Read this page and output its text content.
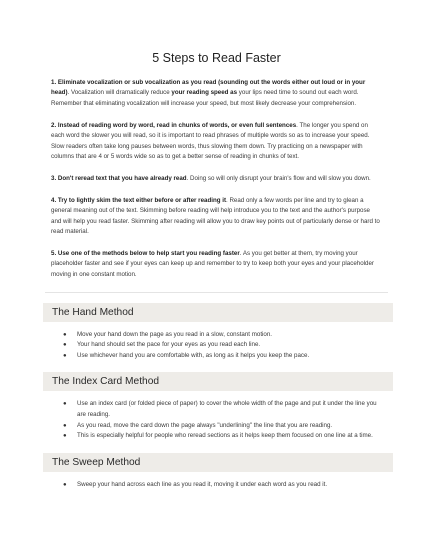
5 Steps to Read Faster

1. Eliminate vocalization or sub vocalization as you read (sounding out the words either out loud or in your head). Vocalization will dramatically reduce your reading speed as your lips need time to sound out each word. Remember that eliminating vocalization will increase your speed, but most likely decrease your comprehension.

2. Instead of reading word by word, read in chunks of words, or even full sentences. The longer you spend on each word the slower you will read, so it is important to read phrases of multiple words so as to increase your speed. Slow readers often take long pauses between words, thus slowing them down. Try practicing on a newspaper with columns that are 4 or 5 words wide so as to get a better sense of reading in chunks of text.

3. Don't reread text that you have already read. Doing so will only disrupt your brain's flow and will slow you down.

4. Try to lightly skim the text either before or after reading it. Read only a few words per line and try to glean a general meaning out of the text. Skimming before reading will help introduce you to the text and the author's purpose and will help you read faster. Skimming after reading will allow you to draw key points out of particularly dense or hard to read material.

5. Use one of the methods below to help start you reading faster. As you get better at them, try moving your placeholder faster and see if your eyes can keep up and remember to try to keep both your eyes and your placeholder moving in one constant motion.

The Hand Method
● Move your hand down the page as you read in a slow, constant motion.
● Your hand should set the pace for your eyes as you read each line.
● Use whichever hand you are comfortable with, as long as it helps you keep the pace.
The Index Card Method
● Use an index card (or folded piece of paper) to cover the whole width of the page and put it under the line you are reading.
● As you read, move the card down the page always "underlining" the line that you are reading.
● This is especially helpful for people who reread sections as it helps keep them focused on one line at a time.
The Sweep Method
● Sweep your hand across each line as you read it, moving it under each word as you read it.
